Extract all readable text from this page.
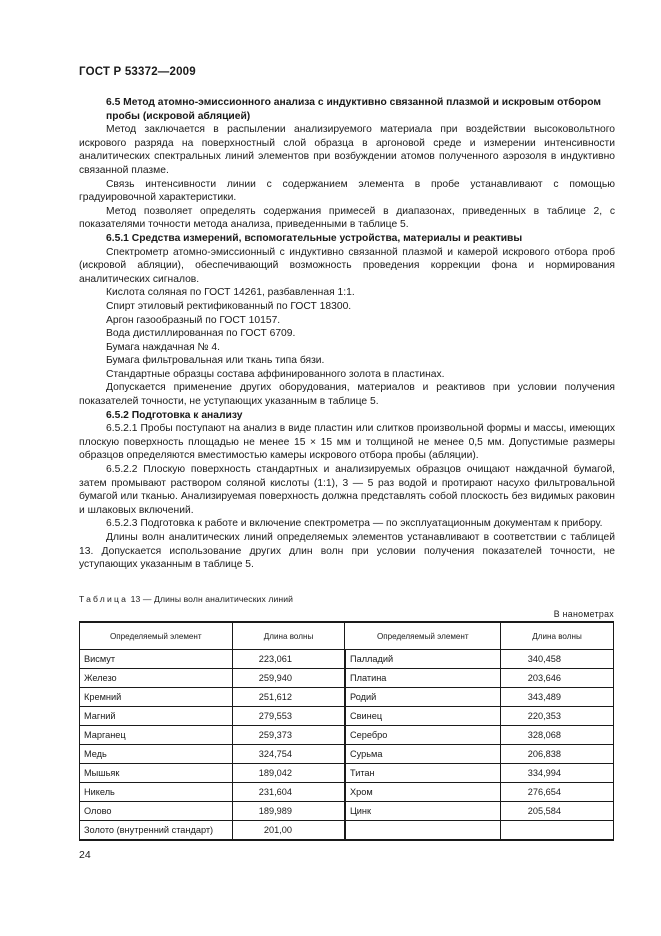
ГОСТ Р 53372—2009

6.5 Метод атомно-эмиссионного анализа с индуктивно связанной плазмой и искровым отбором пробы (искровой абляцией)

Метод заключается в распылении анализируемого материала при воздействии высоковольтного искрового разряда на поверхностный слой образца в аргоновой среде и измерении интенсивности аналитических спектральных линий элементов при возбуждении атомов полученного аэрозоля в индуктивно связанной плазме.

Связь интенсивности линии с содержанием элемента в пробе устанавливают с помощью градуировочной характеристики.

Метод позволяет определять содержания примесей в диапазонах, приведенных в таблице 2, с показателями точности метода анализа, приведенными в таблице 5.

6.5.1 Средства измерений, вспомогательные устройства, материалы и реактивы

Спектрометр атомно-эмиссионный с индуктивно связанной плазмой и камерой искрового отбора проб (искровой абляции), обеспечивающий возможность проведения коррекции фона и нормирования аналитических сигналов.

Кислота соляная по ГОСТ 14261, разбавленная 1:1.

Спирт этиловый ректификованный по ГОСТ 18300.

Аргон газообразный по ГОСТ 10157.

Вода дистиллированная по ГОСТ 6709.

Бумага наждачная № 4.

Бумага фильтровальная или ткань типа бязи.

Стандартные образцы состава аффинированного золота в пластинах.

Допускается применение других оборудования, материалов и реактивов при условии получения показателей точности, не уступающих указанным в таблице 5.

6.5.2 Подготовка к анализу

6.5.2.1 Пробы поступают на анализ в виде пластин или слитков произвольной формы и массы, имеющих плоскую поверхность площадью не менее 15 × 15 мм и толщиной не менее 0,5 мм. Допустимые размеры образцов определяются вместимостью камеры искрового отбора пробы (абляции).

6.5.2.2 Плоскую поверхность стандартных и анализируемых образцов очищают наждачной бумагой, затем промывают раствором соляной кислоты (1:1), 3 — 5 раз водой и протирают насухо фильтровальной бумагой или тканью. Анализируемая поверхность должна представлять собой плоскость без видимых раковин и шлаковых включений.

6.5.2.3 Подготовка к работе и включение спектрометра — по эксплуатационным документам к прибору.

Длины волн аналитических линий определяемых элементов устанавливают в соответствии с таблицей 13. Допускается использование других длин волн при условии получения показателей точности, не уступающих указанным в таблице 5.

Таблица 13 — Длины волн аналитических линий
В нанометрах
Определяемый элемент	Длина волны	Определяемый элемент	Длина волны
Висмут	223,061	Палладий	340,458
Железо	259,940	Платина	203,646
Кремний	251,612	Родий	343,489
Магний	279,553	Свинец	220,353
Марганец	259,373	Серебро	328,068
Медь	324,754	Сурьма	206,838
Мышьяк	189,042	Титан	334,994
Никель	231,604	Хром	276,654
Олово	189,989	Цинк	205,584
Золото (внутренний стандарт)	201,00		
24
